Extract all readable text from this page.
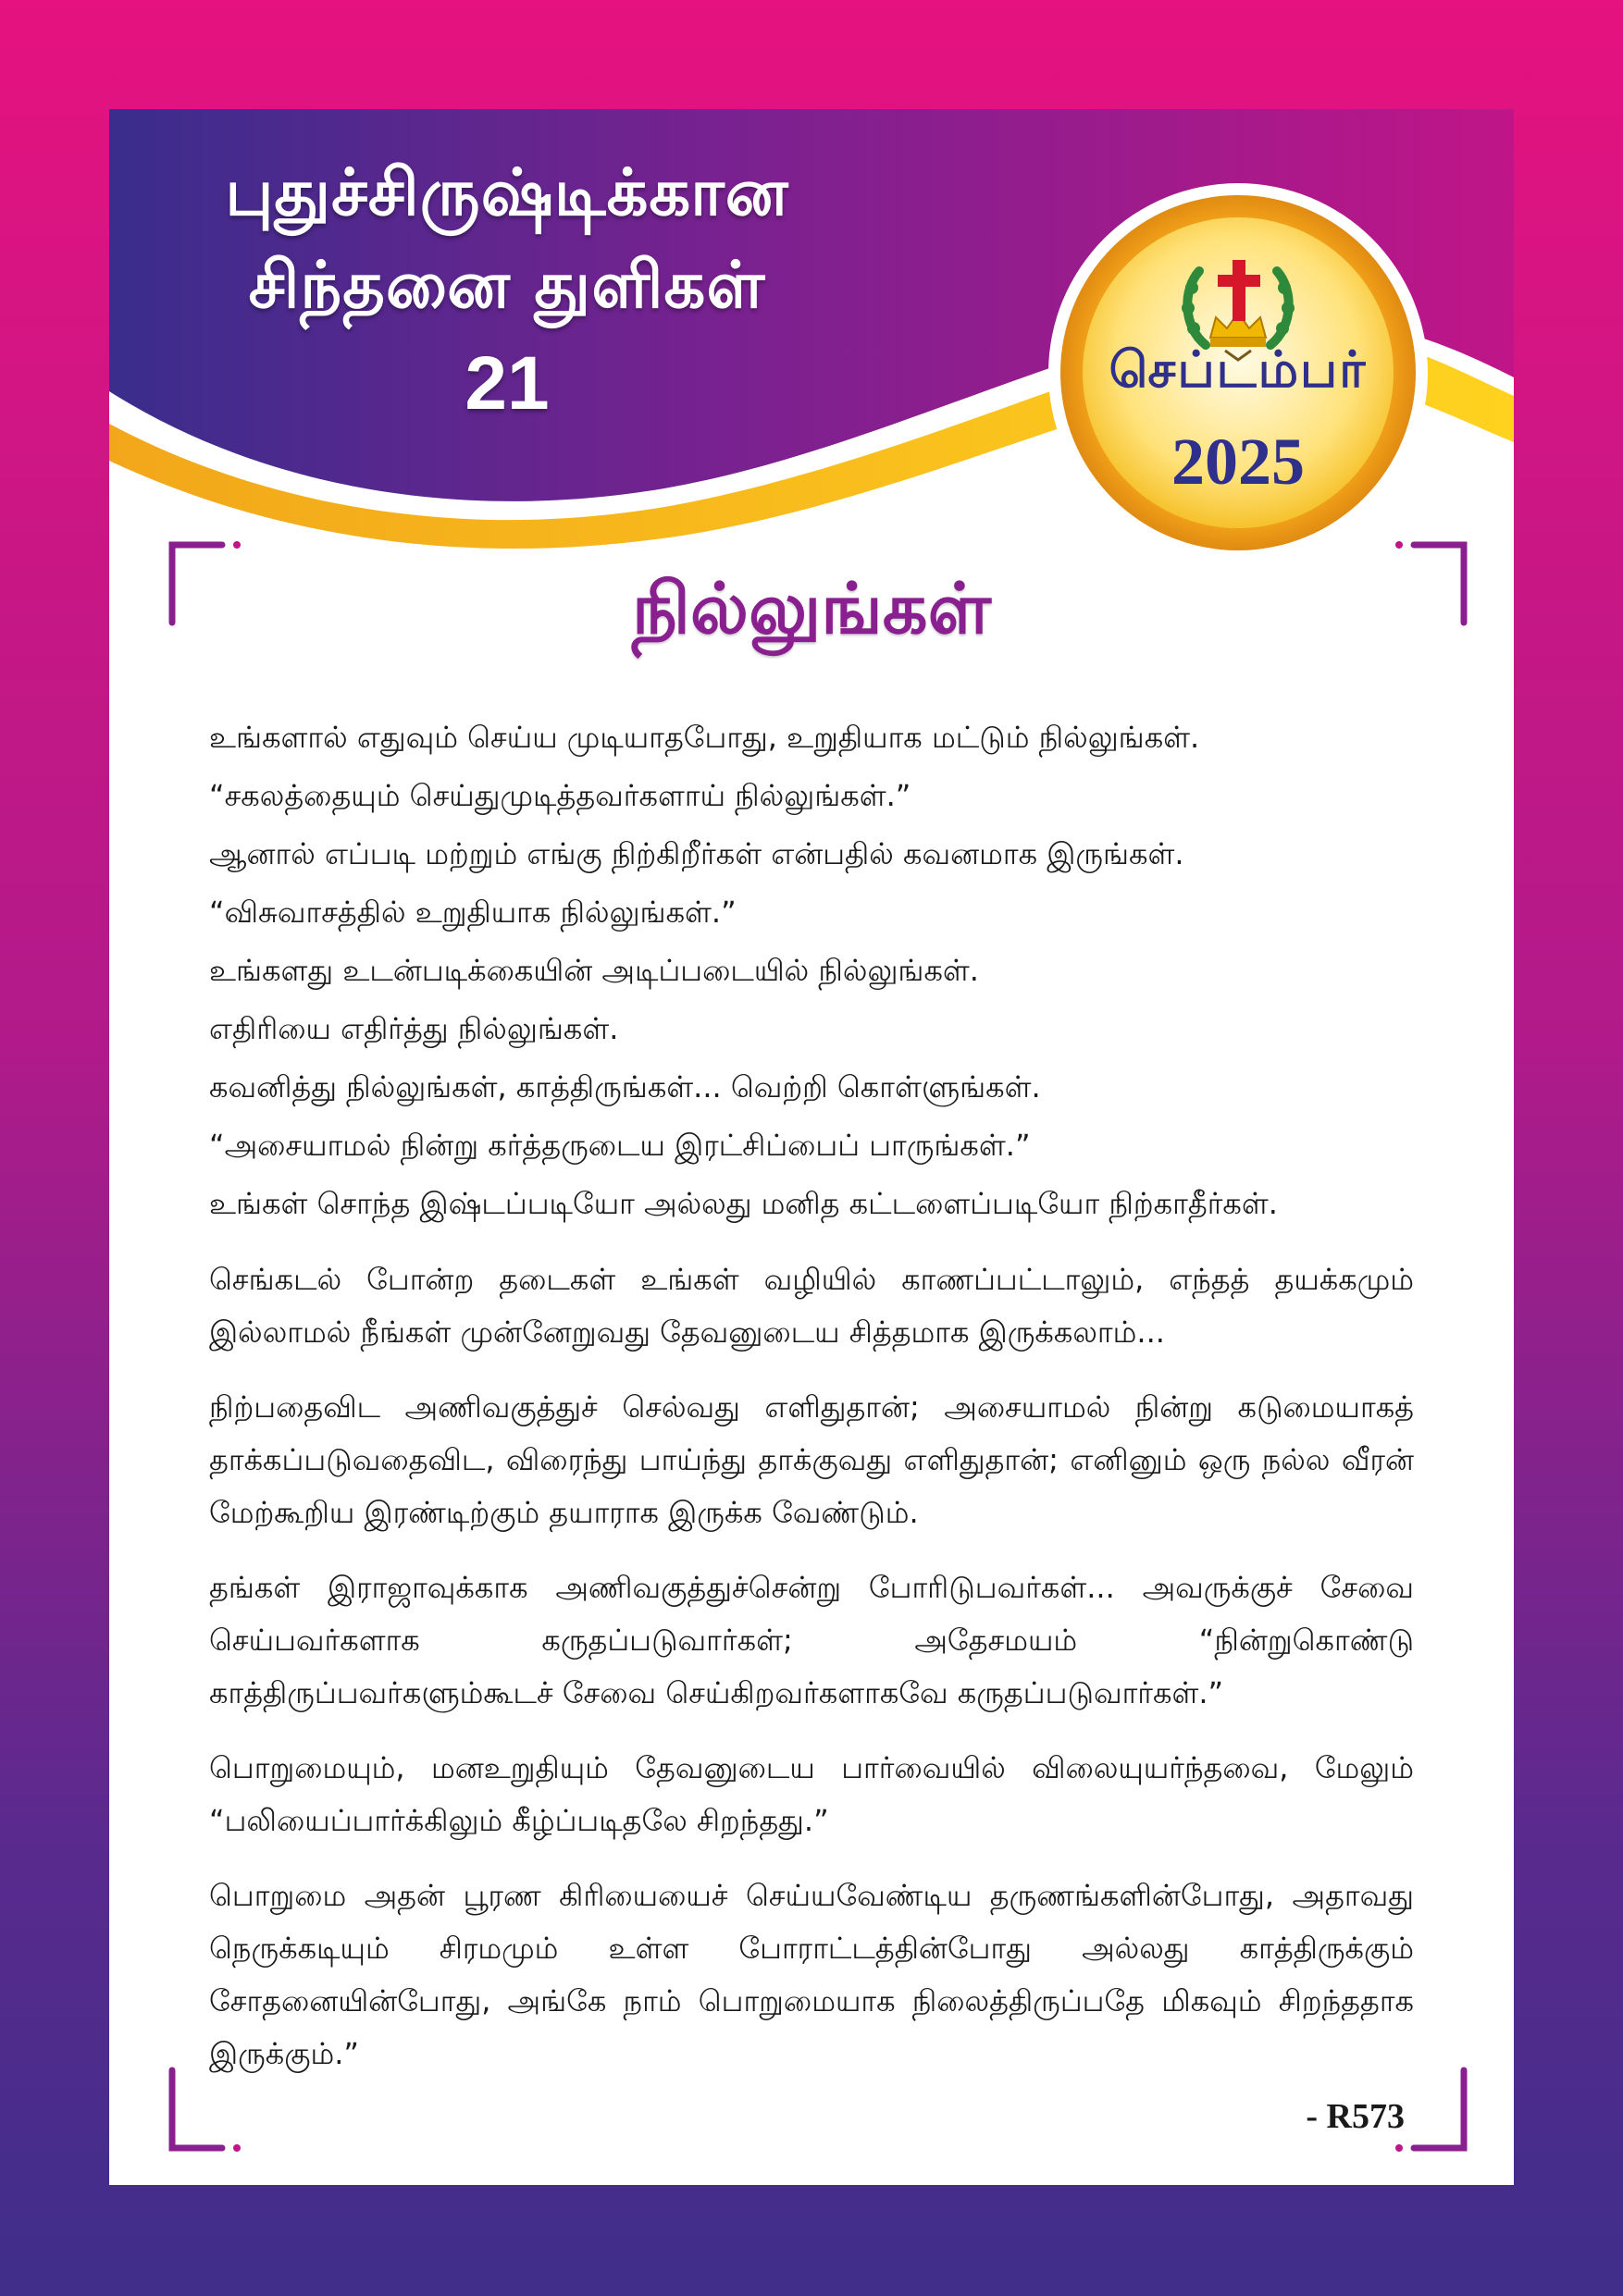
புதுச்சிருஷ்டிக்கான
சிந்தனை துளிகள்
21	செப்டம்பர்
2025
நில்லுங்கள்

உங்களால் எதுவும் செய்ய முடியாதபோது, உறுதியாக மட்டும் நில்லுங்கள்.

“சகலத்தையும் செய்துமுடித்தவர்களாய் நில்லுங்கள்.”

ஆனால் எப்படி மற்றும் எங்கு நிற்கிறீர்கள் என்பதில் கவனமாக இருங்கள்.

“விசுவாசத்தில் உறுதியாக நில்லுங்கள்.”

உங்களது உடன்படிக்கையின் அடிப்படையில் நில்லுங்கள்.

எதிரியை எதிர்த்து நில்லுங்கள்.

கவனித்து நில்லுங்கள், காத்திருங்கள்... வெற்றி கொள்ளுங்கள்.

“அசையாமல் நின்று கர்த்தருடைய இரட்சிப்பைப் பாருங்கள்.”

உங்கள் சொந்த இஷ்டப்படியோ அல்லது மனித கட்டளைப்படியோ நிற்காதீர்கள்.

செங்கடல் போன்ற தடைகள் உங்கள் வழியில் காணப்பட்டாலும், எந்தத் தயக்கமும் இல்லாமல் நீங்கள் முன்னேறுவது தேவனுடைய சித்தமாக இருக்கலாம்...

நிற்பதைவிட அணிவகுத்துச் செல்வது எளிதுதான்; அசையாமல் நின்று கடுமையாகத் தாக்கப்படுவதைவிட, விரைந்து பாய்ந்து தாக்குவது எளிதுதான்; எனினும் ஒரு நல்ல வீரன் மேற்கூறிய இரண்டிற்கும் தயாராக இருக்க வேண்டும்.

தங்கள் இராஜாவுக்காக அணிவகுத்துச்சென்று போரிடுபவர்கள்... அவருக்குச் சேவை செய்பவர்களாக கருதப்படுவார்கள்; அதேசமயம் “நின்றுகொண்டு காத்திருப்பவர்களும்கூடச் சேவை செய்கிறவர்களாகவே கருதப்படுவார்கள்.”

பொறுமையும், மனஉறுதியும் தேவனுடைய பார்வையில் விலையுயர்ந்தவை, மேலும் “பலியைப்பார்க்கிலும் கீழ்ப்படிதலே சிறந்தது.”

பொறுமை அதன் பூரண கிரியையைச் செய்யவேண்டிய தருணங்களின்போது, அதாவது நெருக்கடியும் சிரமமும் உள்ள போராட்டத்தின்போது அல்லது காத்திருக்கும் சோதனையின்போது, அங்கே நாம் பொறுமையாக நிலைத்திருப்பதே மிகவும் சிறந்ததாக இருக்கும்.”

- R573
